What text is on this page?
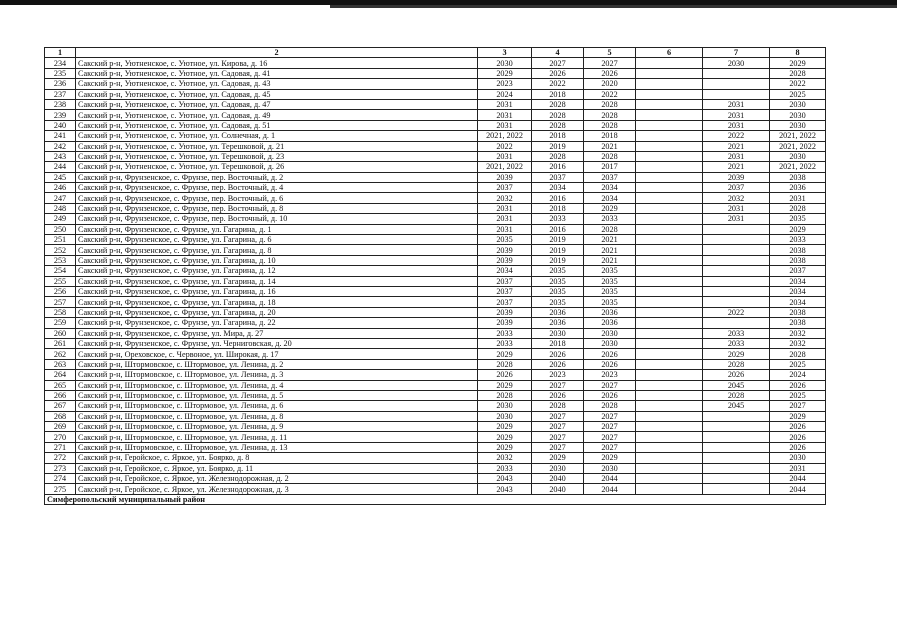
1	2	3	4	5	6	7	8
234	Сакский р-н, Уютненское, с. Уютное, ул. Кирова, д. 16	2030	2027	2027		2030	2029
235	Сакский р-н, Уютненское, с. Уютное, ул. Садовая, д. 41	2029	2026	2026			2028
236	Сакский р-н, Уютненское, с. Уютное, ул. Садовая, д. 43	2023	2022	2020			2022
237	Сакский р-н, Уютненское, с. Уютное, ул. Садовая, д. 45	2024	2018	2022			2025
238	Сакский р-н, Уютненское, с. Уютное, ул. Садовая, д. 47	2031	2028	2028		2031	2030
239	Сакский р-н, Уютненское, с. Уютное, ул. Садовая, д. 49	2031	2028	2028		2031	2030
240	Сакский р-н, Уютненское, с. Уютное, ул. Садовая, д. 51	2031	2028	2028		2031	2030
241	Сакский р-н, Уютненское, с. Уютное, ул. Солнечная, д. 1	2021, 2022	2018	2018		2022	2021, 2022
242	Сакский р-н, Уютненское, с. Уютное, ул. Терешковой, д. 21	2022	2019	2021		2021	2021, 2022
243	Сакский р-н, Уютненское, с. Уютное, ул. Терешковой, д. 23	2031	2028	2028		2031	2030
244	Сакский р-н, Уютненское, с. Уютное, ул. Терешковой, д. 26	2021, 2022	2016	2017		2021	2021, 2022
245	Сакский р-н, Фрунзенское, с. Фрунзе, пер. Восточный, д. 2	2039	2037	2037		2039	2038
246	Сакский р-н, Фрунзенское, с. Фрунзе, пер. Восточный, д. 4	2037	2034	2034		2037	2036
247	Сакский р-н, Фрунзенское, с. Фрунзе, пер. Восточный, д. 6	2032	2016	2034		2032	2031
248	Сакский р-н, Фрунзенское, с. Фрунзе, пер. Восточный, д. 8	2031	2018	2029		2031	2028
249	Сакский р-н, Фрунзенское, с. Фрунзе, пер. Восточный, д. 10	2031	2033	2033		2031	2035
250	Сакский р-н, Фрунзенское, с. Фрунзе, ул. Гагарина, д. 1	2031	2016	2028			2029
251	Сакский р-н, Фрунзенское, с. Фрунзе, ул. Гагарина, д. 6	2035	2019	2021			2033
252	Сакский р-н, Фрунзенское, с. Фрунзе, ул. Гагарина, д. 8	2039	2019	2021			2038
253	Сакский р-н, Фрунзенское, с. Фрунзе, ул. Гагарина, д. 10	2039	2019	2021			2038
254	Сакский р-н, Фрунзенское, с. Фрунзе, ул. Гагарина, д. 12	2034	2035	2035			2037
255	Сакский р-н, Фрунзенское, с. Фрунзе, ул. Гагарина, д. 14	2037	2035	2035			2034
256	Сакский р-н, Фрунзенское, с. Фрунзе, ул. Гагарина, д. 16	2037	2035	2035			2034
257	Сакский р-н, Фрунзенское, с. Фрунзе, ул. Гагарина, д. 18	2037	2035	2035			2034
258	Сакский р-н, Фрунзенское, с. Фрунзе, ул. Гагарина, д. 20	2039	2036	2036		2022	2038
259	Сакский р-н, Фрунзенское, с. Фрунзе, ул. Гагарина, д. 22	2039	2036	2036			2038
260	Сакский р-н, Фрунзенское, с. Фрунзе, ул. Мира, д. 27	2033	2030	2030		2033	2032
261	Сакский р-н, Фрунзенское, с. Фрунзе, ул. Черниговская, д. 20	2033	2018	2030		2033	2032
262	Сакский р-н, Ореховское, с. Червоное, ул. Широкая, д. 17	2029	2026	2026		2029	2028
263	Сакский р-н, Штормовское, с. Штормовое, ул. Ленина, д. 2	2028	2026	2026		2028	2025
264	Сакский р-н, Штормовское, с. Штормовое, ул. Ленина, д. 3	2026	2023	2023		2026	2024
265	Сакский р-н, Штормовское, с. Штормовое, ул. Ленина, д. 4	2029	2027	2027		2045	2026
266	Сакский р-н, Штормовское, с. Штормовое, ул. Ленина, д. 5	2028	2026	2026		2028	2025
267	Сакский р-н, Штормовское, с. Штормовое, ул. Ленина, д. 6	2030	2028	2028		2045	2027
268	Сакский р-н, Штормовское, с. Штормовое, ул. Ленина, д. 8	2030	2027	2027			2029
269	Сакский р-н, Штормовское, с. Штормовое, ул. Ленина, д. 9	2029	2027	2027			2026
270	Сакский р-н, Штормовское, с. Штормовое, ул. Ленина, д. 11	2029	2027	2027			2026
271	Сакский р-н, Штормовское, с. Штормовое, ул. Ленина, д. 13	2029	2027	2027			2026
272	Сакский р-н, Геройское, с. Яркое, ул. Боярко, д. 8	2032	2029	2029			2030
273	Сакский р-н, Геройское, с. Яркое, ул. Боярко, д. 11	2033	2030	2030			2031
274	Сакский р-н, Геройское, с. Яркое, ул. Железнодорожная, д. 2	2043	2040	2044			2044
275	Сакский р-н, Геройское, с. Яркое, ул. Железнодорожная, д. 3	2043	2040	2044			2044
Симферопольский муниципальный район							
